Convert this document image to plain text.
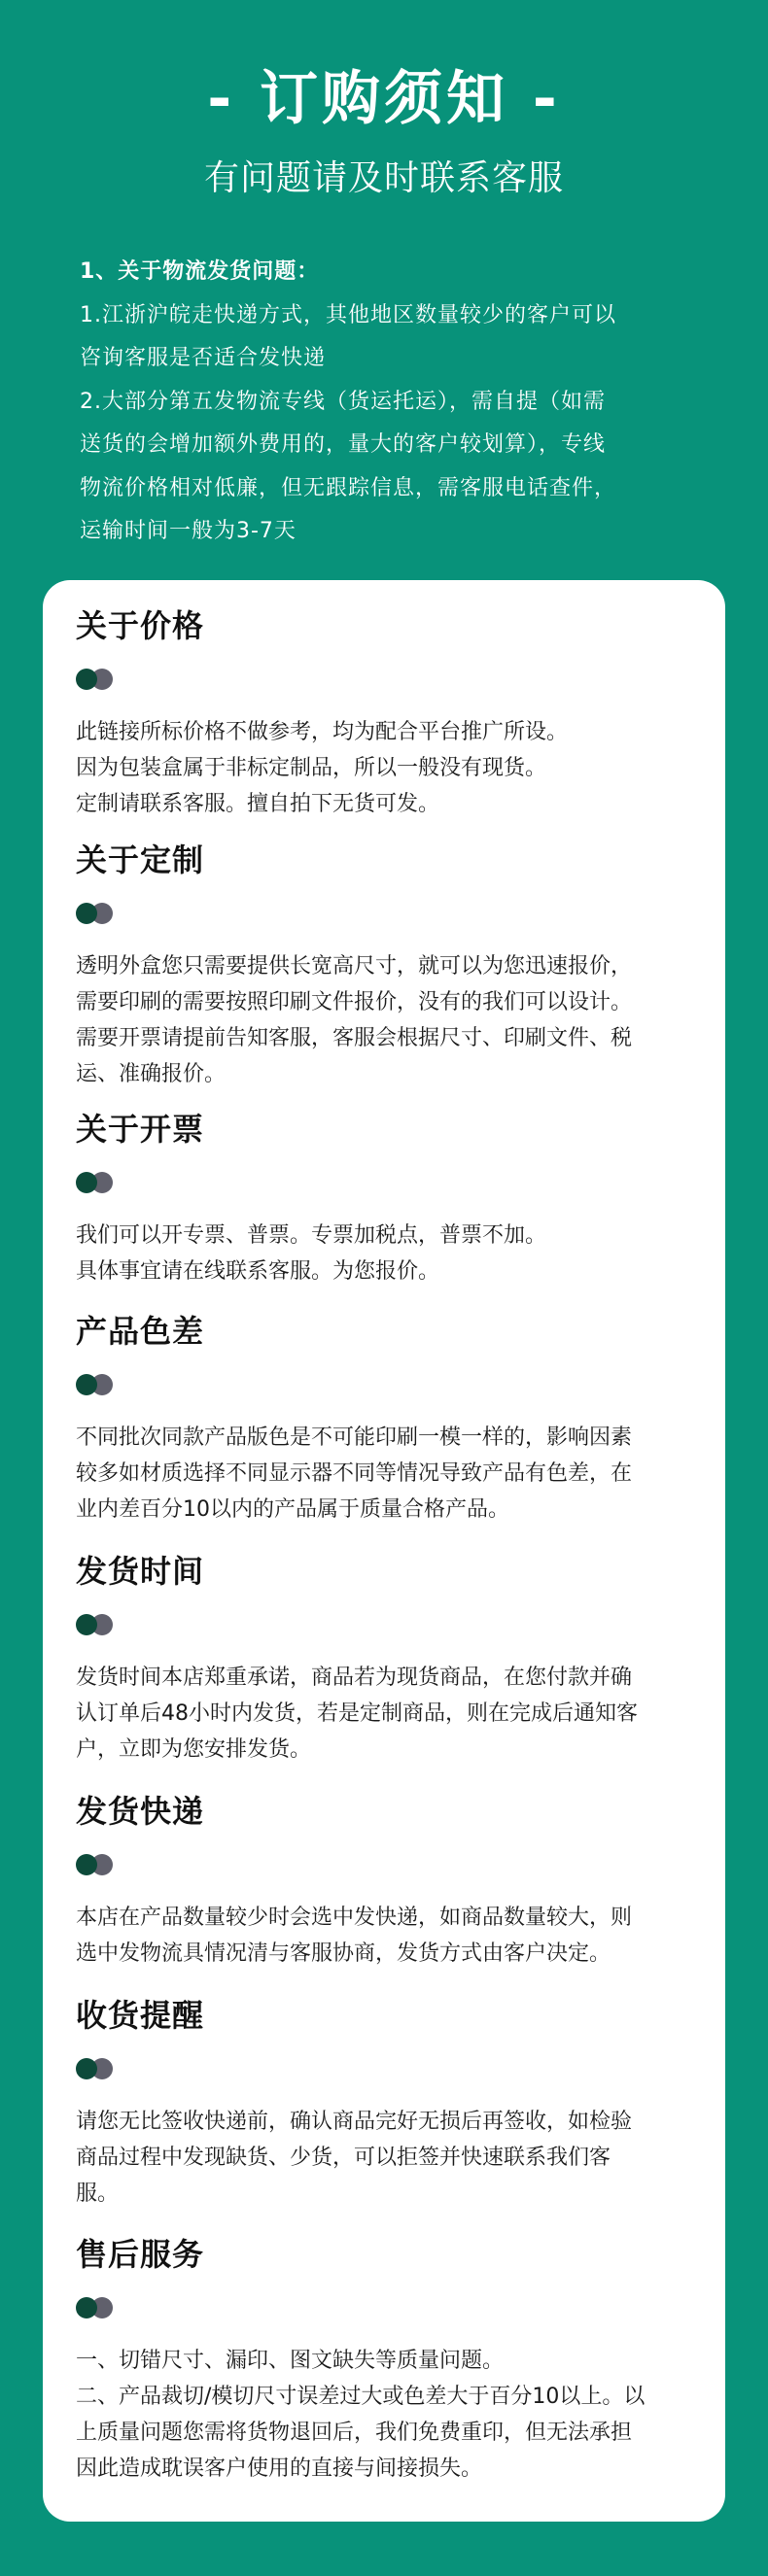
- 订购须知 -
有问题请及时联系客服

1、关于物流发货问题：

1.江浙沪皖走快递方式，其他地区数量较少的客户可以

咨询客服是否适合发快递

2.大部分第五发物流专线（货运托运），需自提（如需

送货的会增加额外费用的，量大的客户较划算），专线

物流价格相对低廉，但无跟踪信息，需客服电话查件，

运输时间一般为3-7天

关于价格

此链接所标价格不做参考，均为配合平台推广所设。

因为包装盒属于非标定制品，所以一般没有现货。

定制请联系客服。擅自拍下无货可发。

关于定制

透明外盒您只需要提供长宽高尺寸，就可以为您迅速报价，

需要印刷的需要按照印刷文件报价，没有的我们可以设计。

需要开票请提前告知客服，客服会根据尺寸、印刷文件、税

运、准确报价。

关于开票

我们可以开专票、普票。专票加税点，普票不加。

具体事宜请在线联系客服。为您报价。

产品色差

不同批次同款产品版色是不可能印刷一模一样的，影响因素

较多如材质选择不同显示器不同等情况导致产品有色差，在

业内差百分10以内的产品属于质量合格产品。

发货时间

发货时间本店郑重承诺，商品若为现货商品，在您付款并确

认订单后48小时内发货，若是定制商品，则在完成后通知客

户，立即为您安排发货。

发货快递

本店在产品数量较少时会选中发快递，如商品数量较大，则

选中发物流具情况清与客服协商，发货方式由客户决定。

收货提醒

请您无比签收快递前，确认商品完好无损后再签收，如检验

商品过程中发现缺货、少货，可以拒签并快速联系我们客

服。

售后服务

一、切错尺寸、漏印、图文缺失等质量问题。

二、产品裁切/模切尺寸误差过大或色差大于百分10以上。以

上质量问题您需将货物退回后，我们免费重印，但无法承担

因此造成耽误客户使用的直接与间接损失。
